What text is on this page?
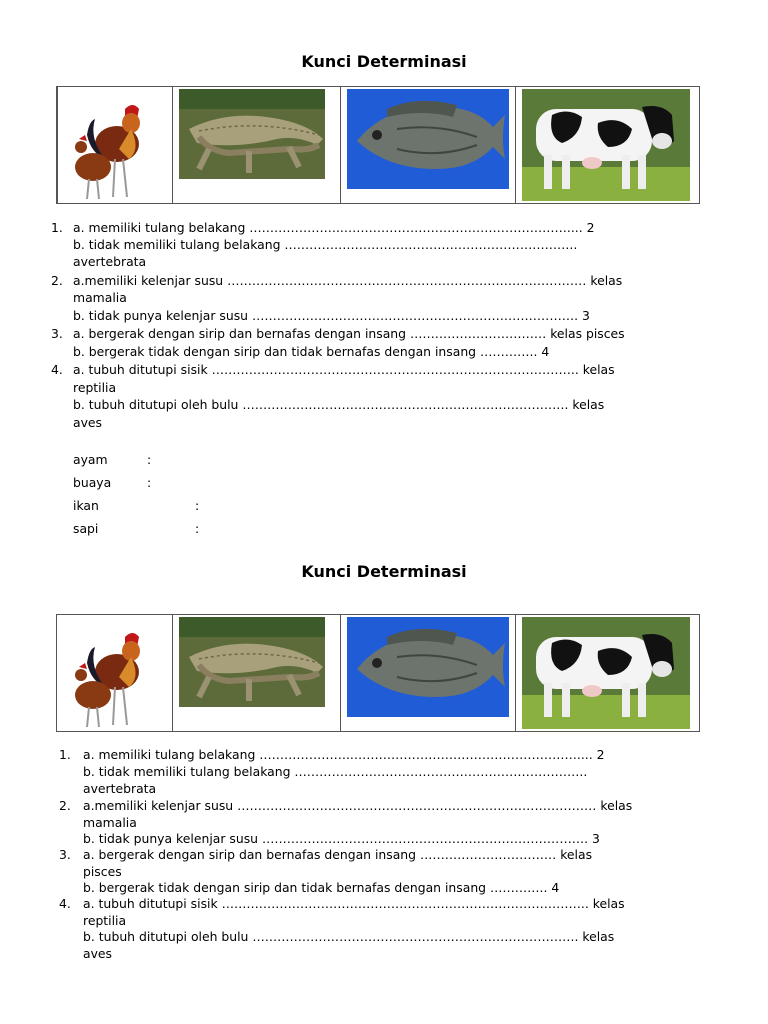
Kunci Determinasi
1. a. memiliki tulang belakang …………………..……………………………………………….... 2
b. tidak memiliki tulang belakang ……………………………………………………………..
avertebrata
2. a.memiliki kelenjar susu …………………………………………………………………………… kelas
mamalia
b. tidak punya kelenjar susu ……………………………………………………………………. 3
3. a. bergerak dengan sirip dan bernafas dengan insang …………………………… kelas pisces
b. bergerak tidak dengan sirip dan tidak bernafas dengan insang ………….. 4
4. a. tubuh ditutupi sisik …………………………………………………………………………….. kelas
reptilia
b. tubuh ditutupi oleh bulu ……………………………………………………………………. kelas
aves
ayam	:
buaya	:
ikan	:
sapi	:
Kunci Determinasi
1. a. memiliki tulang belakang …………………..……………………………………………….... 2
b. tidak memiliki tulang belakang ……………………………………………………………..
avertebrata
2. a.memiliki kelenjar susu …………………………………………………………………………… kelas
mamalia
b. tidak punya kelenjar susu ……………………………………………………………………. 3
3. a. bergerak dengan sirip dan bernafas dengan insang …………………………… kelas
pisces
b. bergerak tidak dengan sirip dan tidak bernafas dengan insang ………….. 4
4. a. tubuh ditutupi sisik …………………………………………………………………………….. kelas
reptilia
b. tubuh ditutupi oleh bulu ……………………………………………………………………. kelas
aves
